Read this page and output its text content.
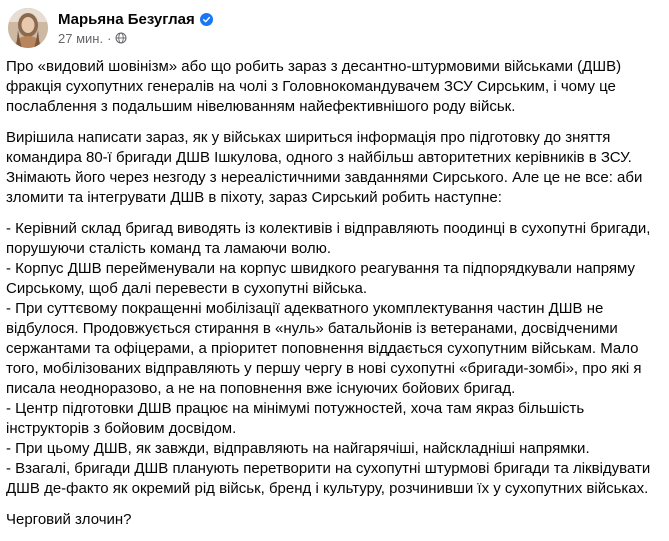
Марьяна Безуглая
27 мин. ·

Про «видовий шовінізм» або що робить зараз з десантно-штурмовими військами (ДШВ) фракція сухопутних генералів на чолі з Головнокомандувачем ЗСУ Сирським, і чому це послаблення з подальшим нівелюванням найефективнішого роду військ.

Вирішила написати зараз, як у військах шириться інформація про підготовку до зняття командира 80-ї бригади ДШВ Ішкулова, одного з найбільш авторитетних керівників в ЗСУ. Знімають його через незгоду з нереалістичними завданнями Сирського. Але це не все: аби зломити та інтегрувати ДШВ в піхоту, зараз Сирський робить наступне:

- Керівний склад бригад виводять із колективів і відправляють поодинці в сухопутні бригади, порушуючи сталість команд та ламаючи волю.
- Корпус ДШВ перейменували на корпус швидкого реагування та підпорядкували напряму Сирському, щоб далі перевести в сухопутні війська.
- При суттєвому покращенні мобілізації адекватного укомплектування частин ДШВ не відбулося. Продовжується стирання в «нуль» батальйонів із ветеранами, досвідченими сержантами та офіцерами, а пріоритет поповнення віддається сухопутним військам. Мало того, мобілізованих відправляють у першу чергу в нові сухопутні «бригади-зомбі», про які я писала неодноразово, а не на поповнення вже існуючих бойових бригад.
- Центр підготовки ДШВ працює на мінімумі потужностей, хоча там якраз більшість інструкторів з бойовим досвідом.
- При цьому ДШВ, як завжди, відправляють на найгарячіші, найскладніші напрямки.
- Взагалі, бригади ДШВ планують перетворити на сухопутні штурмові бригади та ліквідувати ДШВ де-факто як окремий рід військ, бренд і культуру, розчинивши їх у сухопутних військах.

Черговий злочин?
